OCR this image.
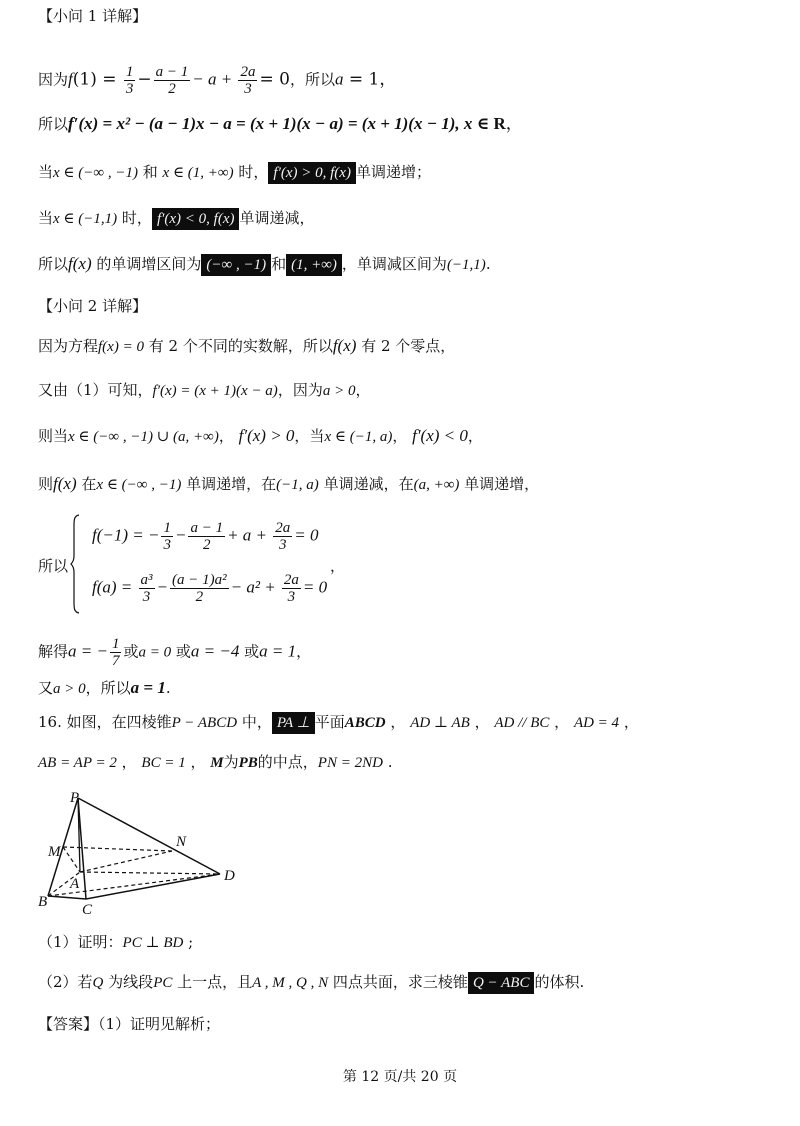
【小问 1 详解】
因为$f(1) = \frac{1}{3} - \frac{a - 1}{2} - a + \frac{2a}{3} = 0$，所以a = 1，
所以f′(x) = x² − (a − 1)x − a = (x + 1)(x − a) = (x + 1)(x − 1), x ∈ R，
当x ∈ (−∞ , −1) 和 x ∈ (1, +∞) 时， f′(x) > 0, f(x) 单调递增；
当x ∈ (−1,1) 时， f′(x) < 0, f(x) 单调递减，
所以f(x) 的单调增区间为 (−∞ , −1) 和 (1, +∞) ，单调减区间为(−1,1).
【小问 2 详解】
因为方程f(x) = 0 有 2 个不同的实数解，所以f(x) 有 2 个零点，
又由（1）可知，f′(x) = (x + 1)(x − a)，因为a > 0，
则当x ∈ (−∞ , −1) ∪ (a, +∞)， f′(x) > 0，当x ∈ (−1, a)， f′(x) < 0，
则f(x) 在x ∈ (−∞ , −1) 单调递增，在(−1, a) 单调递减，在(a, +∞) 单调递增，
所以
f(−1) = − $\frac{1}{3} - \frac{a - 1}{2} + a + \frac{2a}{3} = 0$
$f(a) = \frac{\text{a³}}{3} - \frac{\text{(a − 1)a²}}{2} - a^2 + \frac{2a}{3} = 0$
，
解得a = − $\frac{1}{7}$ 或a = 0 或a = −4 或a = 1，
又a > 0，所以a = 1.
16. 如图，在四棱锥P − ABCD 中， PA ⊥ 平面ABCD ， AD ⊥ AB ， AD // BC ， AD = 4 ，
AB = AP = 2 ， BC = 1 ， M为PB的中点，PN = 2ND .
P
M
N
A	D
B C
（1）证明：PC ⊥ BD ;
（2）若Q 为线段PC 上一点，且A , M , Q , N 四点共面，求三棱锥 Q − ABC 的体积.
【答案】（1）证明见解析；
第 12 页/共 20 页
